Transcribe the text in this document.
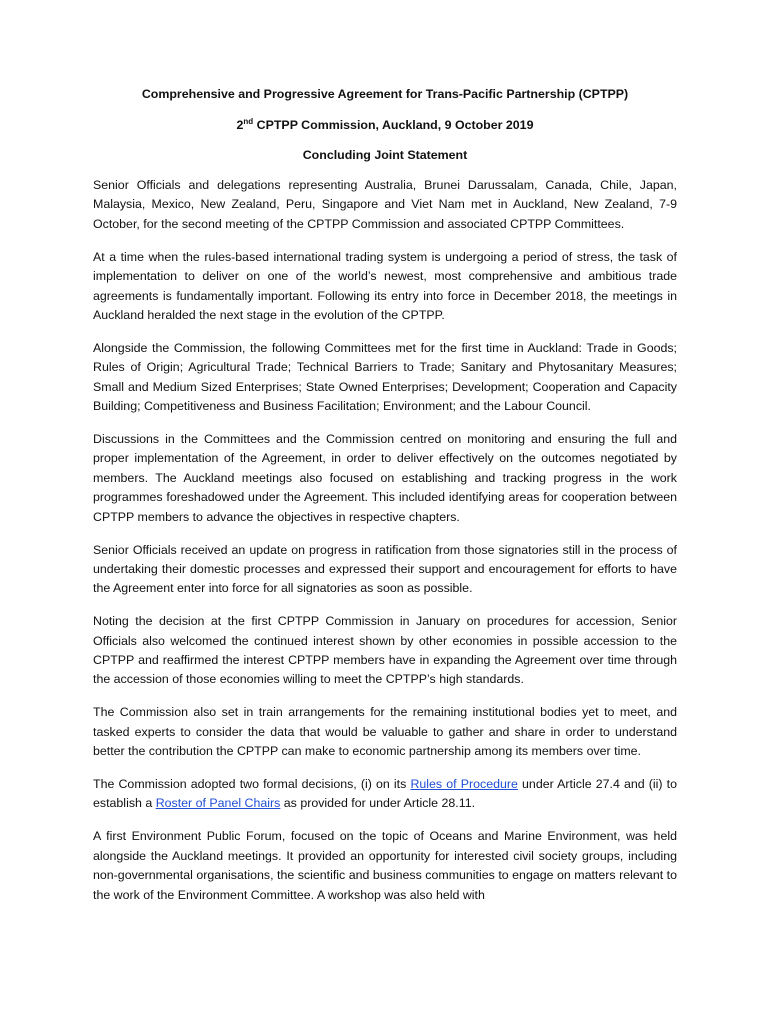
Comprehensive and Progressive Agreement for Trans-Pacific Partnership (CPTPP)
2nd CPTPP Commission, Auckland, 9 October 2019
Concluding Joint Statement

Senior Officials and delegations representing Australia, Brunei Darussalam, Canada, Chile, Japan, Malaysia, Mexico, New Zealand, Peru, Singapore and Viet Nam met in Auckland, New Zealand, 7-9 October, for the second meeting of the CPTPP Commission and associated CPTPP Committees.

At a time when the rules-based international trading system is undergoing a period of stress, the task of implementation to deliver on one of the world’s newest, most comprehensive and ambitious trade agreements is fundamentally important. Following its entry into force in December 2018, the meetings in Auckland heralded the next stage in the evolution of the CPTPP.

Alongside the Commission, the following Committees met for the first time in Auckland: Trade in Goods; Rules of Origin; Agricultural Trade; Technical Barriers to Trade; Sanitary and Phytosanitary Measures; Small and Medium Sized Enterprises; State Owned Enterprises; Development; Cooperation and Capacity Building; Competitiveness and Business Facilitation; Environment; and the Labour Council.

Discussions in the Committees and the Commission centred on monitoring and ensuring the full and proper implementation of the Agreement, in order to deliver effectively on the outcomes negotiated by members. The Auckland meetings also focused on establishing and tracking progress in the work programmes foreshadowed under the Agreement. This included identifying areas for cooperation between CPTPP members to advance the objectives in respective chapters.

Senior Officials received an update on progress in ratification from those signatories still in the process of undertaking their domestic processes and expressed their support and encouragement for efforts to have the Agreement enter into force for all signatories as soon as possible.

Noting the decision at the first CPTPP Commission in January on procedures for accession, Senior Officials also welcomed the continued interest shown by other economies in possible accession to the CPTPP and reaffirmed the interest CPTPP members have in expanding the Agreement over time through the accession of those economies willing to meet the CPTPP’s high standards.

The Commission also set in train arrangements for the remaining institutional bodies yet to meet, and tasked experts to consider the data that would be valuable to gather and share in order to understand better the contribution the CPTPP can make to economic partnership among its members over time.

The Commission adopted two formal decisions, (i) on its Rules of Procedure under Article 27.4 and (ii) to establish a Roster of Panel Chairs as provided for under Article 28.11.

A first Environment Public Forum, focused on the topic of Oceans and Marine Environment, was held alongside the Auckland meetings. It provided an opportunity for interested civil society groups, including non-governmental organisations, the scientific and business communities to engage on matters relevant to the work of the Environment Committee. A workshop was also held with
